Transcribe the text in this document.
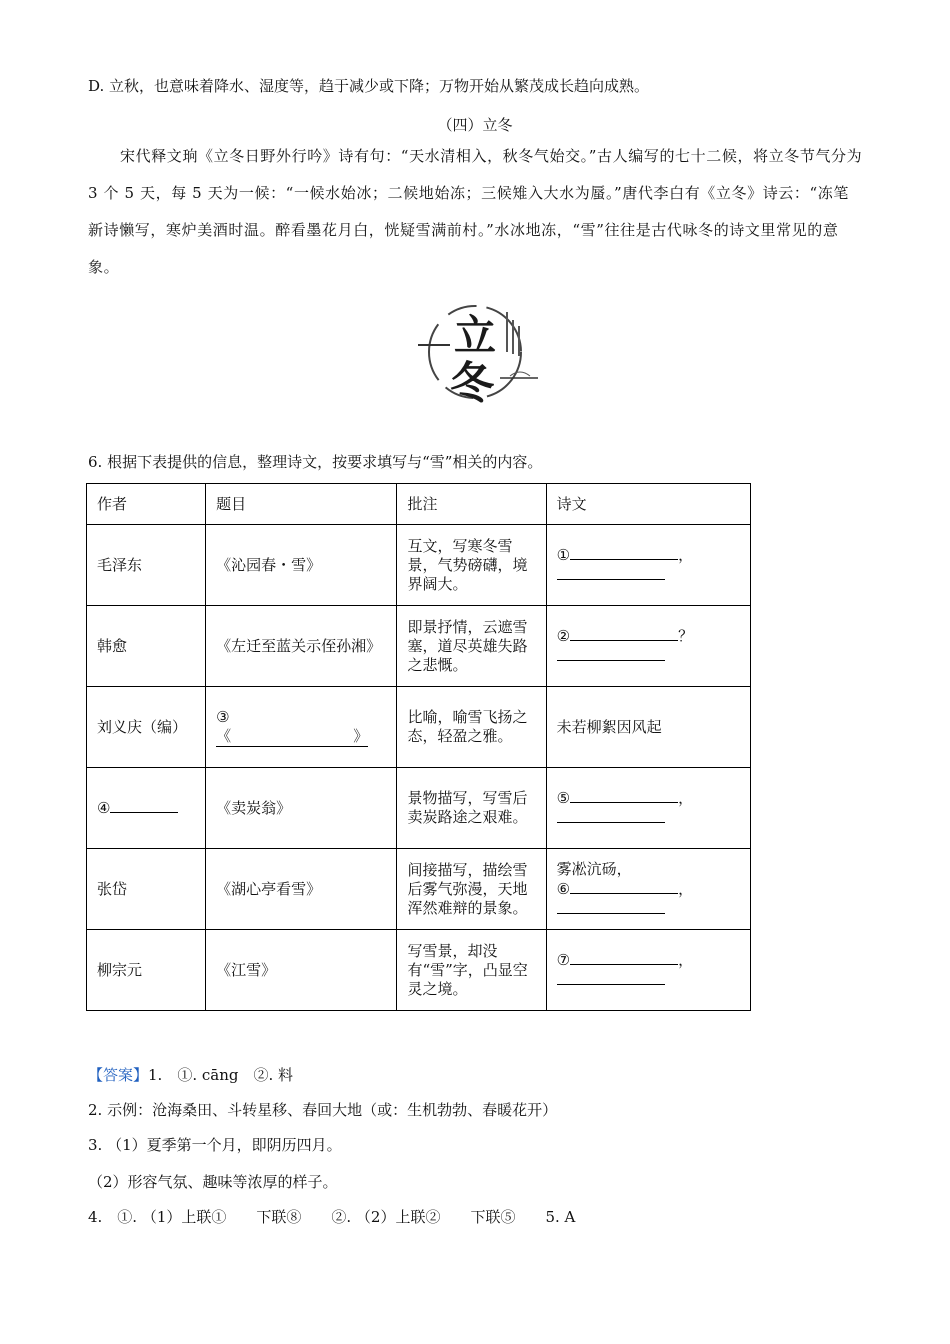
D. 立秋，也意味着降水、湿度等，趋于减少或下降；万物开始从繁茂成长趋向成熟。
（四）立冬
宋代释文珦《立冬日野外行吟》诗有句：“天水清相入，秋冬气始交。”古人编写的七十二候，将立冬节气分为 3 个 5 天，每 5 天为一候：“一候水始冰；二候地始冻；三候雉入大水为蜃。”唐代李白有《立冬》诗云：“冻笔新诗懒写，寒炉美酒时温。醉看墨花月白，恍疑雪满前村。”水冰地冻，“雪”往往是古代咏冬的诗文里常见的意象。
立
冬
6. 根据下表提供的信息，整理诗文，按要求填写与“雪”相关的内容。
作者	题目	批注	诗文
毛泽东	《沁园春・雪》	互文，写寒冬雪景，气势磅礴，境界阔大。	① ，

韩愈	《左迁至蓝关示侄孙湘》	即景抒情，云遮雪塞，道尽英雄失路之悲慨。	② ？

刘义庆（编）	③
《 》	比喻，喻雪飞扬之态，轻盈之雅。	未若柳絮因风起
④	《卖炭翁》	景物描写，写雪后卖炭路途之艰难。	⑤ ，

张岱	《湖心亭看雪》	间接描写，描绘雪后雾气弥漫，天地浑然难辩的景象。	雾凇沆砀，
⑥ ，

柳宗元	《江雪》	写雪景，却没有“雪”字，凸显空灵之境。	⑦ ，

【答案】1.　①. cāng　②. 料
2. 示例：沧海桑田、斗转星移、春回大地（或：生机勃勃、春暖花开）
3. （1）夏季第一个月，即阴历四月。
（2）形容气氛、趣味等浓厚的样子。
4.　①. （1）上联①　　下联⑧　　②. （2）上联②　　下联⑤　　5. A
